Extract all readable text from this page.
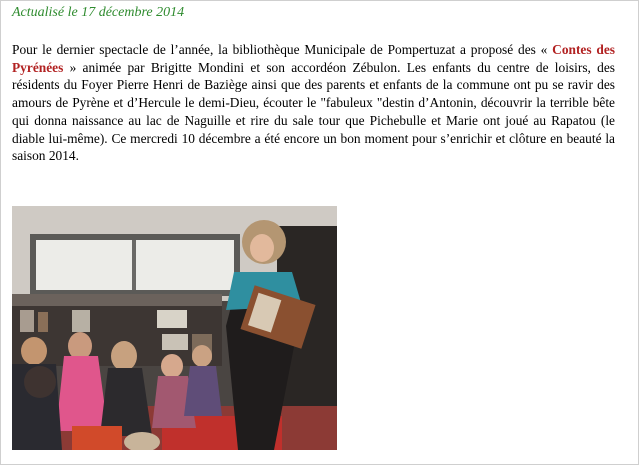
Actualisé le 17 décembre 2014
Pour le dernier spectacle de l’année, la bibliothèque Municipale de Pompertuzat a proposé des « Contes des Pyrénées » animée par Brigitte Mondini et son accordéon Zébulon. Les enfants du centre de loisirs, des résidents du Foyer Pierre Henri de Baziège ainsi que des parents et enfants de la commune ont pu se ravir des amours de Pyrène et d’Hercule le demi-Dieu, écouter le "fabuleux "destin d’Antonin, découvrir la terrible bête qui donna naissance au lac de Naguille et rire du sale tour que Pichebulle et Marie ont joué au Rapatou (le diable lui-même). Ce mercredi 10 décembre a été encore un bon moment pour s’enrichir et clôture en beauté la saison 2014.
